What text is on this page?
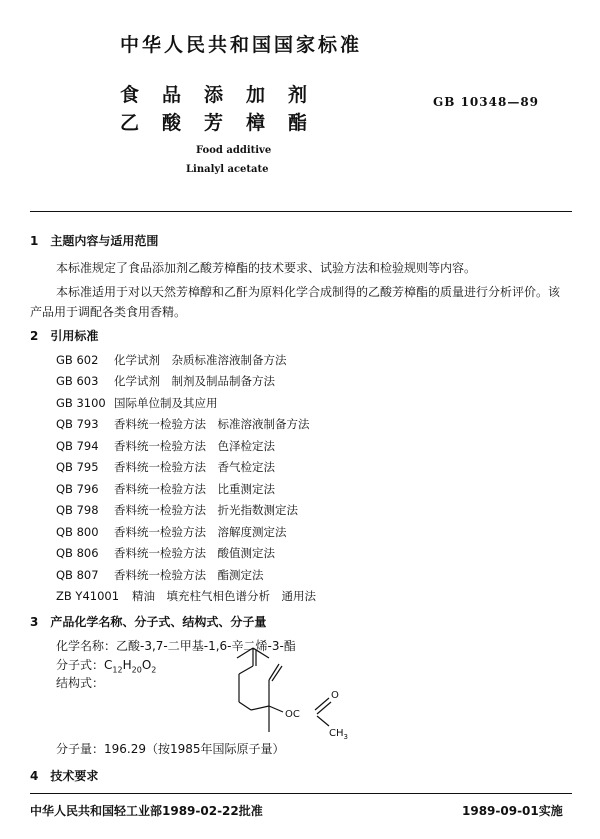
中华人民共和国国家标准
食品添加剂
乙酸芳樟酯
GB 10348—89
Food additive
Linalyl acetate
1　主题内容与适用范围
本标准规定了食品添加剂乙酸芳樟酯的技术要求、试验方法和检验规则等内容。
本标准适用于对以天然芳樟醇和乙酐为原料化学合成制得的乙酸芳樟酯的质量进行分析评价。该
产品用于调配各类食用香精。
2　引用标准
GB 602 化学试剂　杂质标准溶液制备方法
GB 603 化学试剂　制剂及制品制备方法
GB 3100 国际单位制及其应用
QB 793 香料统一检验方法　标准溶液制备方法
QB 794 香料统一检验方法　色泽检定法
QB 795 香料统一检验方法　香气检定法
QB 796 香料统一检验方法　比重测定法
QB 798 香料统一检验方法　折光指数测定法
QB 800 香料统一检验方法　溶解度测定法
QB 806 香料统一检验方法　酸值测定法
QB 807 香料统一检验方法　酯测定法
ZB Y41001 精油　填充柱气相色谱分析　通用法
3　产品化学名称、分子式、结构式、分子量
化学名称：乙酸-3,7-二甲基-1,6-辛二烯-3-酯
分子式：$C_{12}H_{20}O_2$
结构式：
OC
O
$CH_3$
分子量：196.29（按1985年国际原子量）
4　技术要求
中华人民共和国轻工业部1989-02-22批准	1989-09-01实施
